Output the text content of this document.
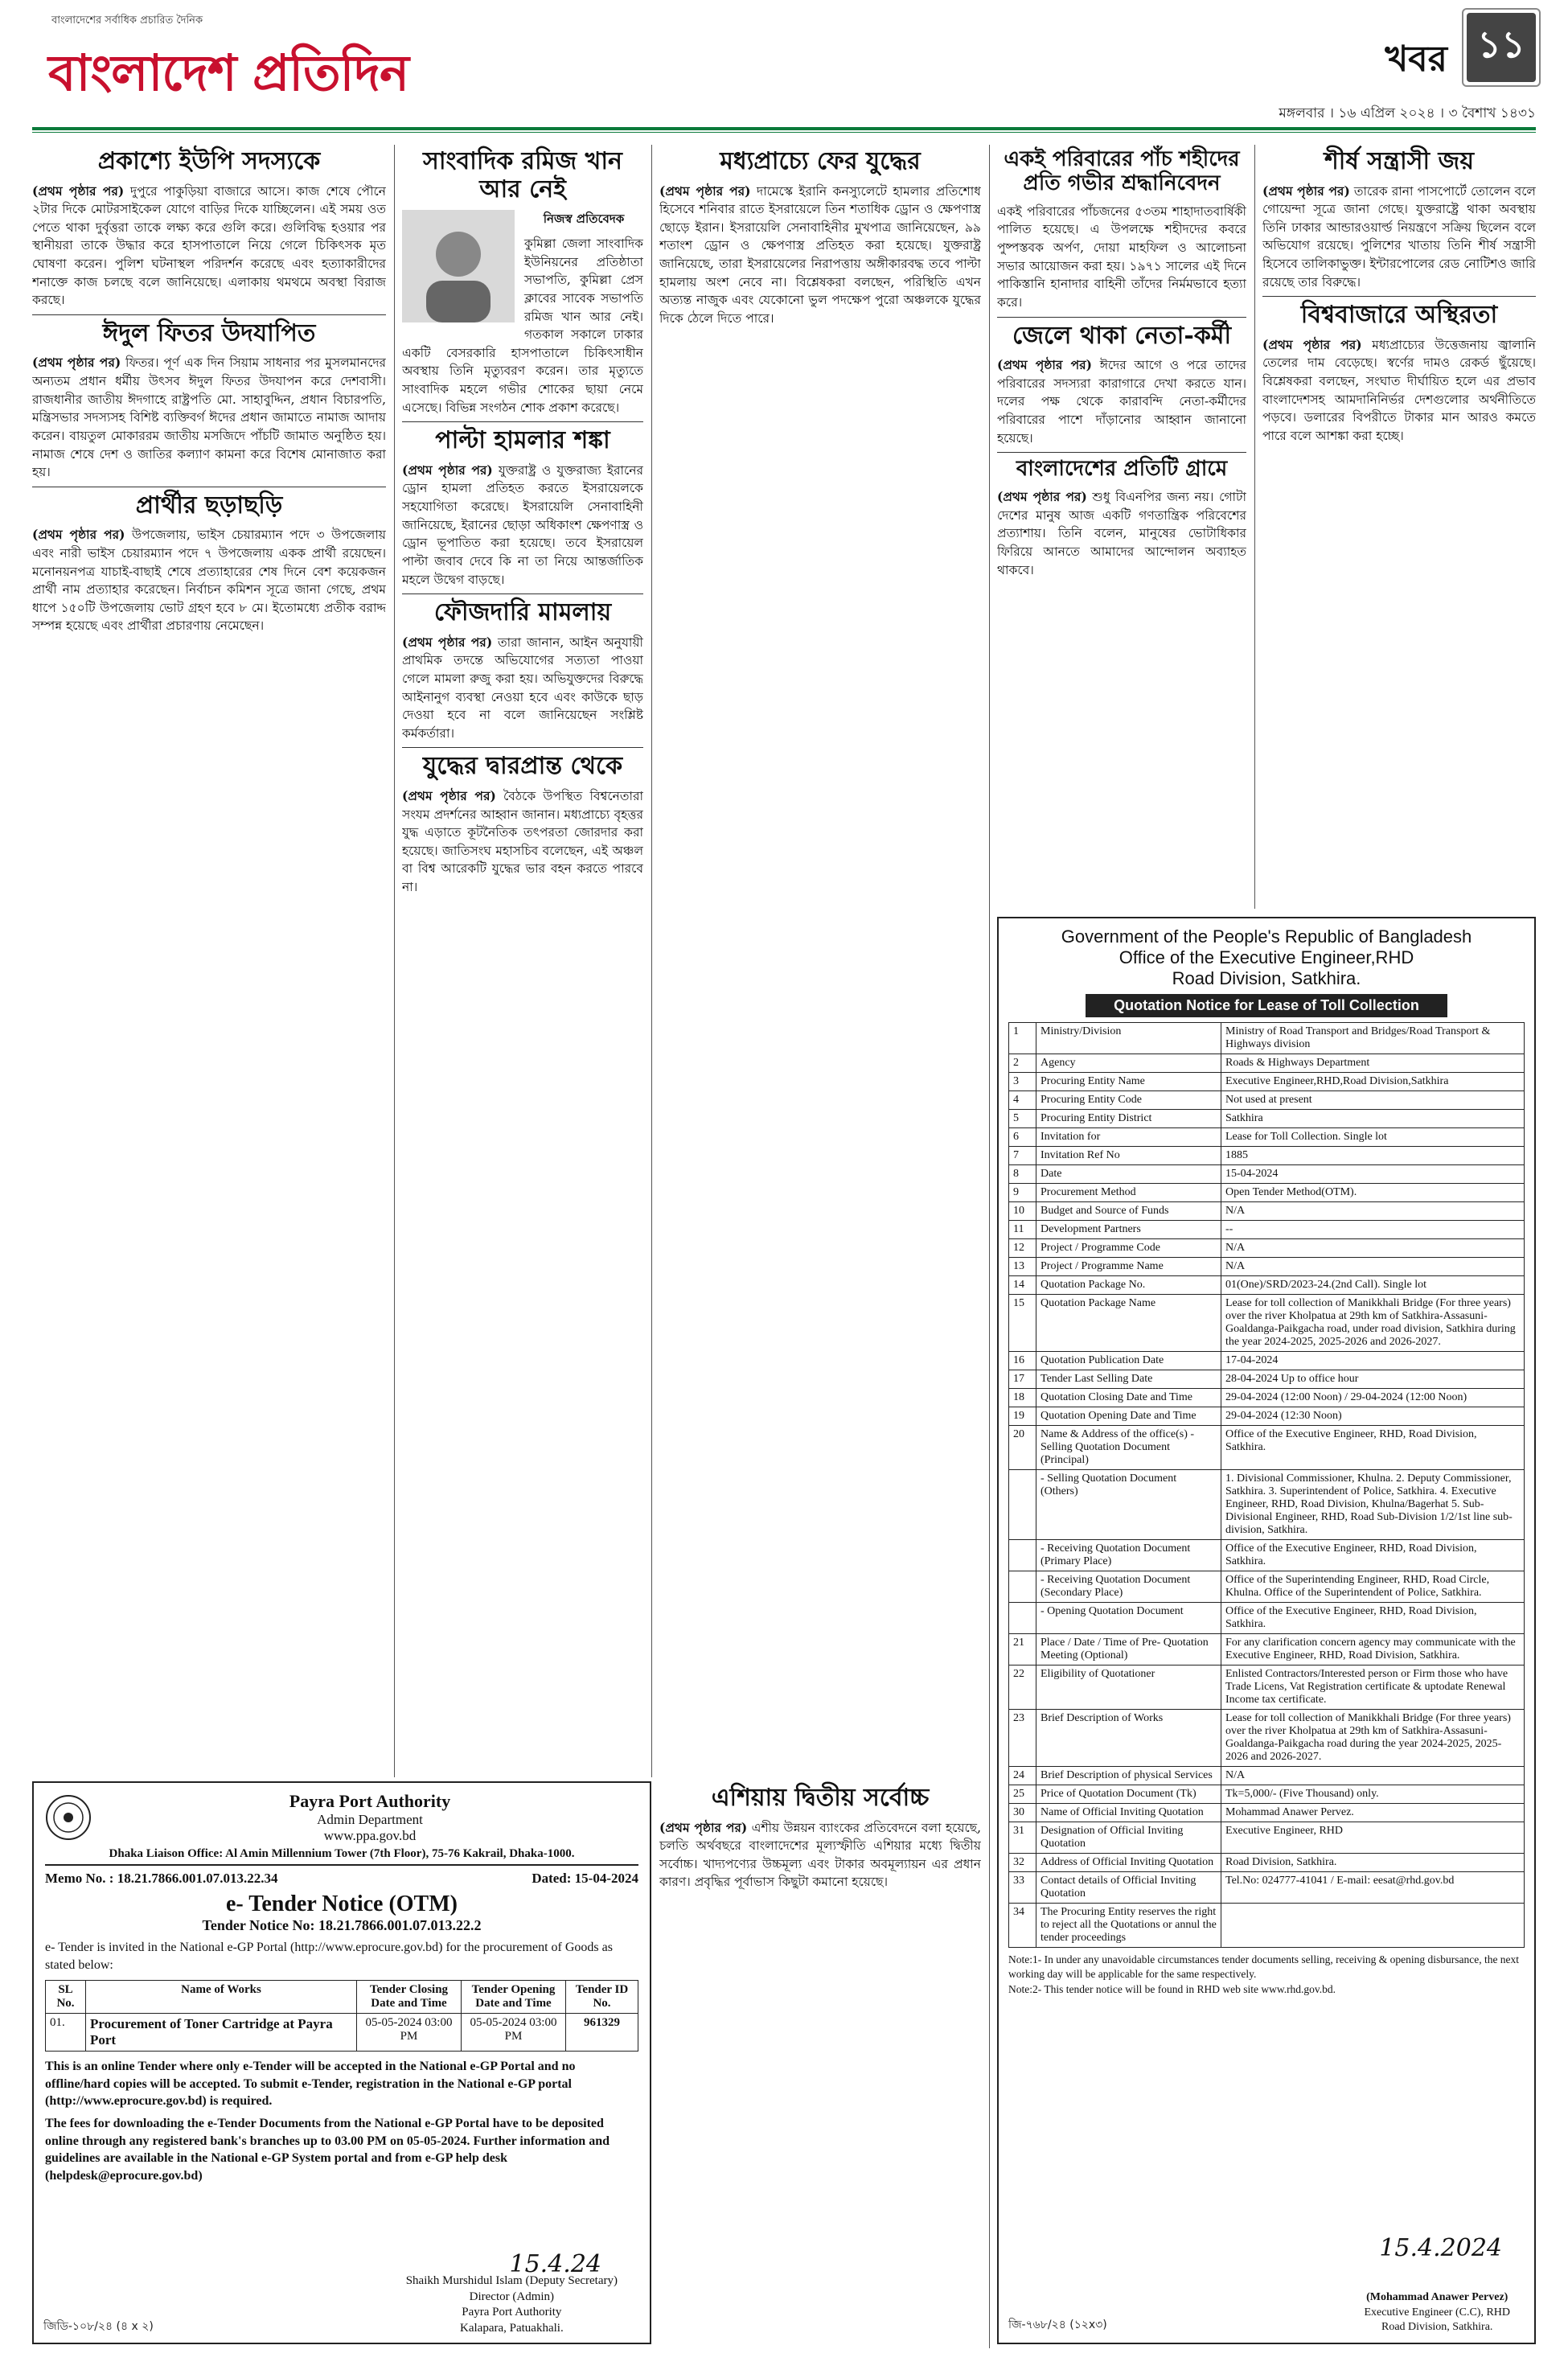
বাংলাদেশের সর্বাধিক প্রচারিত দৈনিক
বাংলাদেশ প্রতিদিন	খবর ১১
মঙ্গলবার । ১৬ এপ্রিল ২০২৪ । ৩ বৈশাখ ১৪৩১
প্রকাশ্যে ইউপি সদস্যকে

(প্রথম পৃষ্ঠার পর) দুপুরে পাকুড়িয়া বাজারে আসে। কাজ শেষে পৌনে ২টার দিকে মোটরসাইকেল যোগে বাড়ির দিকে যাচ্ছিলেন। এই সময় ওত পেতে থাকা দুর্বৃত্তরা তাকে লক্ষ্য করে গুলি করে। গুলিবিদ্ধ হওয়ার পর স্থানীয়রা তাকে উদ্ধার করে হাসপাতালে নিয়ে গেলে চিকিৎসক মৃত ঘোষণা করেন। পুলিশ ঘটনাস্থল পরিদর্শন করেছে এবং হত্যাকারীদের শনাক্তে কাজ চলছে বলে জানিয়েছে। এলাকায় থমথমে অবস্থা বিরাজ করছে।

ঈদুল ফিতর উদযাপিত

(প্রথম পৃষ্ঠার পর) ফিতর। পূর্ণ এক দিন সিয়াম সাধনার পর মুসলমানদের অন্যতম প্রধান ধর্মীয় উৎসব ঈদুল ফিতর উদযাপন করে দেশবাসী। রাজধানীর জাতীয় ঈদগাহে রাষ্ট্রপতি মো. সাহাবুদ্দিন, প্রধান বিচারপতি, মন্ত্রিসভার সদস্যসহ বিশিষ্ট ব্যক্তিবর্গ ঈদের প্রধান জামাতে নামাজ আদায় করেন। বায়তুল মোকাররম জাতীয় মসজিদে পাঁচটি জামাত অনুষ্ঠিত হয়। নামাজ শেষে দেশ ও জাতির কল্যাণ কামনা করে বিশেষ মোনাজাত করা হয়।

প্রার্থীর ছড়াছড়ি

(প্রথম পৃষ্ঠার পর) উপজেলায়, ভাইস চেয়ারম্যান পদে ৩ উপজেলায় এবং নারী ভাইস চেয়ারম্যান পদে ৭ উপজেলায় একক প্রার্থী রয়েছেন। মনোনয়নপত্র যাচাই-বাছাই শেষে প্রত্যাহারের শেষ দিনে বেশ কয়েকজন প্রার্থী নাম প্রত্যাহার করেছেন। নির্বাচন কমিশন সূত্রে জানা গেছে, প্রথম ধাপে ১৫০টি উপজেলায় ভোট গ্রহণ হবে ৮ মে। ইতোমধ্যে প্রতীক বরাদ্দ সম্পন্ন হয়েছে এবং প্রার্থীরা প্রচারণায় নেমেছেন।

সাংবাদিক রমিজ খান আর নেই
নিজস্ব প্রতিবেদক

কুমিল্লা জেলা সাংবাদিক ইউনিয়নের প্রতিষ্ঠাতা সভাপতি, কুমিল্লা প্রেস ক্লাবের সাবেক সভাপতি রমিজ খান আর নেই। গতকাল সকালে ঢাকার একটি বেসরকারি হাসপাতালে চিকিৎসাধীন অবস্থায় তিনি মৃত্যুবরণ করেন। তার মৃত্যুতে সাংবাদিক মহলে গভীর শোকের ছায়া নেমে এসেছে। বিভিন্ন সংগঠন শোক প্রকাশ করেছে।

পাল্টা হামলার শঙ্কা

(প্রথম পৃষ্ঠার পর) যুক্তরাষ্ট্র ও যুক্তরাজ্য ইরানের ড্রোন হামলা প্রতিহত করতে ইসরায়েলকে সহযোগিতা করেছে। ইসরায়েলি সেনাবাহিনী জানিয়েছে, ইরানের ছোড়া অধিকাংশ ক্ষেপণাস্ত্র ও ড্রোন ভূপাতিত করা হয়েছে। তবে ইসরায়েল পাল্টা জবাব দেবে কি না তা নিয়ে আন্তর্জাতিক মহলে উদ্বেগ বাড়ছে।

ফৌজদারি মামলায়

(প্রথম পৃষ্ঠার পর) তারা জানান, আইন অনুযায়ী প্রাথমিক তদন্তে অভিযোগের সত্যতা পাওয়া গেলে মামলা রুজু করা হয়। অভিযুক্তদের বিরুদ্ধে আইনানুগ ব্যবস্থা নেওয়া হবে এবং কাউকে ছাড় দেওয়া হবে না বলে জানিয়েছেন সংশ্লিষ্ট কর্মকর্তারা।

যুদ্ধের দ্বারপ্রান্ত থেকে

(প্রথম পৃষ্ঠার পর) বৈঠকে উপস্থিত বিশ্বনেতারা সংযম প্রদর্শনের আহ্বান জানান। মধ্যপ্রাচ্যে বৃহত্তর যুদ্ধ এড়াতে কূটনৈতিক তৎপরতা জোরদার করা হয়েছে। জাতিসংঘ মহাসচিব বলেছেন, এই অঞ্চল বা বিশ্ব আরেকটি যুদ্ধের ভার বহন করতে পারবে না।

মধ্যপ্রাচ্যে ফের যুদ্ধের

(প্রথম পৃষ্ঠার পর) দামেস্কে ইরানি কনস্যুলেটে হামলার প্রতিশোধ হিসেবে শনিবার রাতে ইসরায়েলে তিন শতাধিক ড্রোন ও ক্ষেপণাস্ত্র ছোড়ে ইরান। ইসরায়েলি সেনাবাহিনীর মুখপাত্র জানিয়েছেন, ৯৯ শতাংশ ড্রোন ও ক্ষেপণাস্ত্র প্রতিহত করা হয়েছে। যুক্তরাষ্ট্র জানিয়েছে, তারা ইসরায়েলের নিরাপত্তায় অঙ্গীকারবদ্ধ তবে পাল্টা হামলায় অংশ নেবে না। বিশ্লেষকরা বলছেন, পরিস্থিতি এখন অত্যন্ত নাজুক এবং যেকোনো ভুল পদক্ষেপ পুরো অঞ্চলকে যুদ্ধের দিকে ঠেলে দিতে পারে।

একই পরিবারের পাঁচ শহীদের প্রতি গভীর শ্রদ্ধানিবেদন

একই পরিবারের পাঁচজনের ৫৩তম শাহাদাতবার্ষিকী পালিত হয়েছে। এ উপলক্ষে শহীদদের কবরে পুষ্পস্তবক অর্পণ, দোয়া মাহফিল ও আলোচনা সভার আয়োজন করা হয়। ১৯৭১ সালের এই দিনে পাকিস্তানি হানাদার বাহিনী তাঁদের নির্মমভাবে হত্যা করে।

জেলে থাকা নেতা-কর্মী

(প্রথম পৃষ্ঠার পর) ঈদের আগে ও পরে তাদের পরিবারের সদস্যরা কারাগারে দেখা করতে যান। দলের পক্ষ থেকে কারাবন্দি নেতা-কর্মীদের পরিবারের পাশে দাঁড়ানোর আহ্বান জানানো হয়েছে।

বাংলাদেশের প্রতিটি গ্রামে

(প্রথম পৃষ্ঠার পর) শুধু বিএনপির জন্য নয়। গোটা দেশের মানুষ আজ একটি গণতান্ত্রিক পরিবেশের প্রত্যাশায়। তিনি বলেন, মানুষের ভোটাধিকার ফিরিয়ে আনতে আমাদের আন্দোলন অব্যাহত থাকবে।

শীর্ষ সন্ত্রাসী জয়

(প্রথম পৃষ্ঠার পর) তারেক রানা পাসপোর্টে তোলেন বলে গোয়েন্দা সূত্রে জানা গেছে। যুক্তরাষ্ট্রে থাকা অবস্থায় তিনি ঢাকার আন্ডারওয়ার্ল্ড নিয়ন্ত্রণে সক্রিয় ছিলেন বলে অভিযোগ রয়েছে। পুলিশের খাতায় তিনি শীর্ষ সন্ত্রাসী হিসেবে তালিকাভুক্ত। ইন্টারপোলের রেড নোটিশও জারি রয়েছে তার বিরুদ্ধে।

বিশ্ববাজারে অস্থিরতা

(প্রথম পৃষ্ঠার পর) মধ্যপ্রাচ্যের উত্তেজনায় জ্বালানি তেলের দাম বেড়েছে। স্বর্ণের দামও রেকর্ড ছুঁয়েছে। বিশ্লেষকরা বলছেন, সংঘাত দীর্ঘায়িত হলে এর প্রভাব বাংলাদেশসহ আমদানিনির্ভর দেশগুলোর অর্থনীতিতে পড়বে। ডলারের বিপরীতে টাকার মান আরও কমতে পারে বলে আশঙ্কা করা হচ্ছে।

Payra Port Authority
Admin Department
www.ppa.gov.bd
Dhaka Liaison Office: Al Amin Millennium Tower (7th Floor), 75-76 Kakrail, Dhaka-1000.
Memo No. : 18.21.7866.001.07.013.22.34	Dated: 15-04-2024
e- Tender Notice (OTM)
Tender Notice No: 18.21.7866.001.07.013.22.2
e- Tender is invited in the National e-GP Portal (http://www.eprocure.gov.bd) for the procurement of Goods as stated below:
SL No.	Name of Works	Tender Closing Date and Time	Tender Opening Date and Time	Tender ID No.
01.	Procurement of Toner Cartridge at Payra Port	05-05-2024 03:00 PM	05-05-2024 03:00 PM	961329
This is an online Tender where only e-Tender will be accepted in the National e-GP Portal and no offline/hard copies will be accepted. To submit e-Tender, registration in the National e-GP portal (http://www.eprocure.gov.bd) is required.
The fees for downloading the e-Tender Documents from the National e-GP Portal have to be deposited online through any registered bank's branches up to 03.00 PM on 05-05-2024. Further information and guidelines are available in the National e-GP System portal and from e-GP help desk (helpdesk@eprocure.gov.bd)
15.4.24
Shaikh Murshidul Islam (Deputy Secretary)
Director (Admin)
Payra Port Authority
Kalapara, Patuakhali.
জিডি-১০৮/২৪ (৪ x ২)
এশিয়ায় দ্বিতীয় সর্বোচ্চ

(প্রথম পৃষ্ঠার পর) এশীয় উন্নয়ন ব্যাংকের প্রতিবেদনে বলা হয়েছে, চলতি অর্থবছরে বাংলাদেশের মূল্যস্ফীতি এশিয়ার মধ্যে দ্বিতীয় সর্বোচ্চ। খাদ্যপণ্যের উচ্চমূল্য এবং টাকার অবমূল্যায়ন এর প্রধান কারণ। প্রবৃদ্ধির পূর্বাভাস কিছুটা কমানো হয়েছে।

Government of the People's Republic of Bangladesh
Office of the Executive Engineer,RHD
Road Division, Satkhira.
Quotation Notice for Lease of Toll Collection
1	Ministry/Division	Ministry of Road Transport and Bridges/Road Transport & Highways division
2	Agency	Roads & Highways Department
3	Procuring Entity Name	Executive Engineer,RHD,Road Division,Satkhira
4	Procuring Entity Code	Not used at present
5	Procuring Entity District	Satkhira
6	Invitation for	Lease for Toll Collection. Single lot
7	Invitation Ref No	1885
8	Date	15-04-2024
9	Procurement Method	Open Tender Method(OTM).
10	Budget and Source of Funds	N/A
11	Development Partners	--
12	Project / Programme Code	N/A
13	Project / Programme Name	N/A
14	Quotation Package No.	01(One)/SRD/2023-24.(2nd Call). Single lot
15	Quotation Package Name	Lease for toll collection of Manikkhali Bridge (For three years) over the river Kholpatua at 29th km of Satkhira-Assasuni-Goaldanga-Paikgacha road, under road division, Satkhira during the year 2024-2025, 2025-2026 and 2026-2027.
16	Quotation Publication Date	17-04-2024
17	Tender Last Selling Date	28-04-2024 Up to office hour
18	Quotation Closing Date and Time	29-04-2024 (12:00 Noon) / 29-04-2024 (12:00 Noon)
19	Quotation Opening Date and Time	29-04-2024 (12:30 Noon)
20	Name & Address of the office(s) - Selling Quotation Document (Principal)	Office of the Executive Engineer, RHD, Road Division, Satkhira.
	- Selling Quotation Document (Others)	1. Divisional Commissioner, Khulna. 2. Deputy Commissioner, Satkhira. 3. Superintendent of Police, Satkhira. 4. Executive Engineer, RHD, Road Division, Khulna/Bagerhat 5. Sub-Divisional Engineer, RHD, Road Sub-Division 1/2/1st line sub-division, Satkhira.
	- Receiving Quotation Document (Primary Place)	Office of the Executive Engineer, RHD, Road Division, Satkhira.
	- Receiving Quotation Document (Secondary Place)	Office of the Superintending Engineer, RHD, Road Circle, Khulna. Office of the Superintendent of Police, Satkhira.
	- Opening Quotation Document	Office of the Executive Engineer, RHD, Road Division, Satkhira.
21	Place / Date / Time of Pre- Quotation Meeting (Optional)	For any clarification concern agency may communicate with the Executive Engineer, RHD, Road Division, Satkhira.
22	Eligibility of Quotationer	Enlisted Contractors/Interested person or Firm those who have Trade Licens, Vat Registration certificate & uptodate Renewal Income tax certificate.
23	Brief Description of Works	Lease for toll collection of Manikkhali Bridge (For three years) over the river Kholpatua at 29th km of Satkhira-Assasuni-Goaldanga-Paikgacha road during the year 2024-2025, 2025-2026 and 2026-2027.
24	Brief Description of physical Services	N/A
25	Price of Quotation Document (Tk)	Tk=5,000/- (Five Thousand) only.
30	Name of Official Inviting Quotation	Mohammad Anawer Pervez.
31	Designation of Official Inviting Quotation	Executive Engineer, RHD
32	Address of Official Inviting Quotation	Road Division, Satkhira.
33	Contact details of Official Inviting Quotation	Tel.No: 024777-41041 / E-mail: eesat@rhd.gov.bd
34	The Procuring Entity reserves the right to reject all the Quotations or annul the tender proceedings	
Note:1- In under any unavoidable circumstances tender documents selling, receiving & opening disbursance, the next working day will be applicable for the same respectively.
Note:2- This tender notice will be found in RHD web site www.rhd.gov.bd.
15.4.2024
(Mohammad Anawer Pervez)
Executive Engineer (C.C), RHD
Road Division, Satkhira.
জি-৭৬৮/২৪ (১২x৩)
